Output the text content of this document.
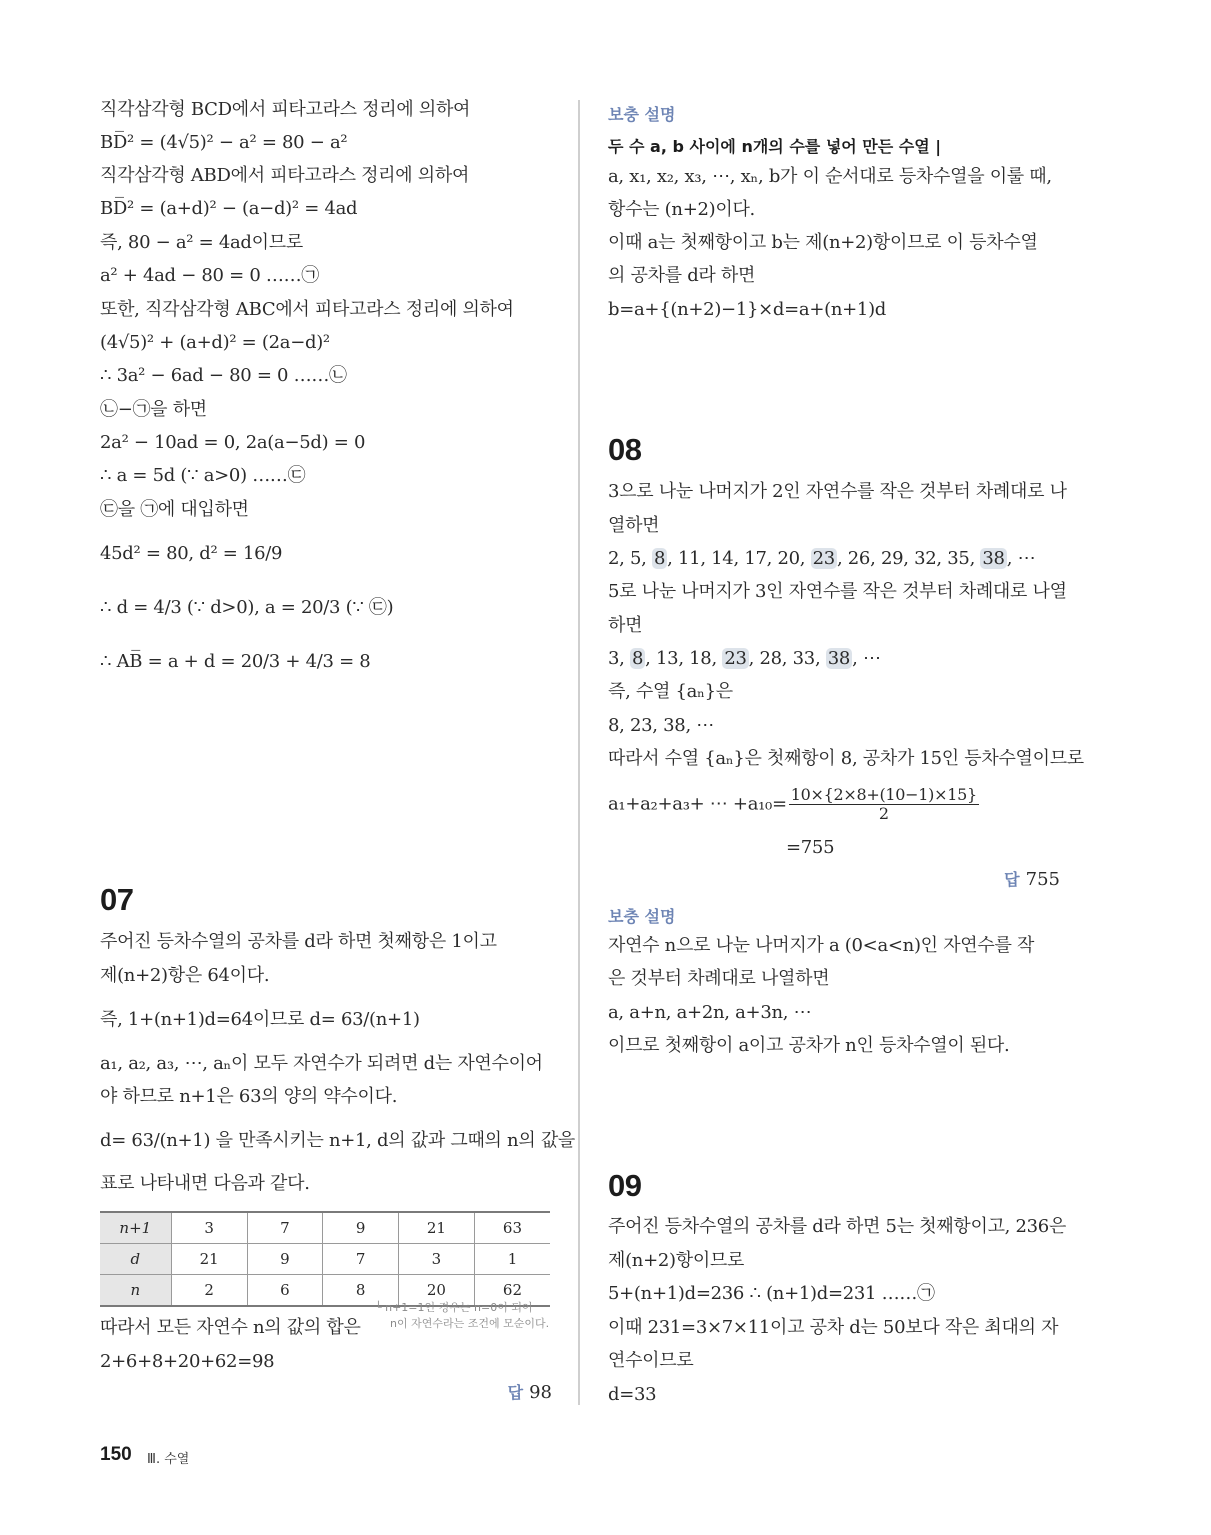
직각삼각형 BCD에서 피타고라스 정리에 의하여
BD̅² = (4√5)² − a² = 80 − a²
직각삼각형 ABD에서 피타고라스 정리에 의하여
BD̅² = (a+d)² − (a−d)² = 4ad
즉, 80 − a² = 4ad이므로
a² + 4ad − 80 = 0 ……㉠
또한, 직각삼각형 ABC에서 피타고라스 정리에 의하여
(4√5)² + (a+d)² = (2a−d)²
∴ 3a² − 6ad − 80 = 0 ……㉡
㉡−㉠을 하면
2a² − 10ad = 0, 2a(a−5d) = 0
∴ a = 5d (∵ a>0) ……㉢
㉢을 ㉠에 대입하면
45d² = 80, d² = 16/9
∴ d = 4/3 (∵ d>0), a = 20/3 (∵ ㉢)
∴ AB̅ = a + d = 20/3 + 4/3 = 8
07
주어진 등차수열의 공차를 d라 하면 첫째항은 1이고
제(n+2)항은 64이다.
즉, 1+(n+1)d=64이므로 d= 63/(n+1)
a₁, a₂, a₃, ⋯, aₙ이 모두 자연수가 되려면 d는 자연수이어
야 하므로 n+1은 63의 양의 약수이다.
d= 63/(n+1) 을 만족시키는 n+1, d의 값과 그때의 n의 값을
표로 나타내면 다음과 같다.
n+1	3	7	9	21	63
d	21	9	7	3	1
n	2	6	8	20	62
└ n+1=1인 경우는 n=0이 되어
n이 자연수라는 조건에 모순이다.
따라서 모든 자연수 n의 값의 합은
2+6+8+20+62=98
답 98
보충 설명
두 수 a, b 사이에 n개의 수를 넣어 만든 수열 |
a, x₁, x₂, x₃, ⋯, xₙ, b가 이 순서대로 등차수열을 이룰 때,
항수는 (n+2)이다.
이때 a는 첫째항이고 b는 제(n+2)항이므로 이 등차수열
의 공차를 d라 하면
b=a+{(n+2)−1}×d=a+(n+1)d
08
3으로 나눈 나머지가 2인 자연수를 작은 것부터 차례대로 나
열하면
2, 5, 8 , 11, 14, 17, 20, 23 , 26, 29, 32, 35, 38 , ⋯
5로 나눈 나머지가 3인 자연수를 작은 것부터 차례대로 나열
하면
3, 8 , 13, 18, 23 , 28, 33, 38 , ⋯
즉, 수열 {aₙ}은
8, 23, 38, ⋯
따라서 수열 {aₙ}은 첫째항이 8, 공차가 15인 등차수열이므로
a₁+a₂+a₃+ ⋯ $+a_{10}= \frac{10\times\{2\times 8+(10-1)\times 15\}}{2}$
=755
답 755
보충 설명
자연수 n으로 나눈 나머지가 a (0<a<n)인 자연수를 작
은 것부터 차례대로 나열하면
a, a+n, a+2n, a+3n, ⋯
이므로 첫째항이 a이고 공차가 n인 등차수열이 된다.
09
주어진 등차수열의 공차를 d라 하면 5는 첫째항이고, 236은
제(n+2)항이므로
5+(n+1)d=236 ∴ (n+1)d=231 ……㉠
이때 231=3×7×11이고 공차 d는 50보다 작은 최대의 자
연수이므로
d=33
150 Ⅲ. 수열
